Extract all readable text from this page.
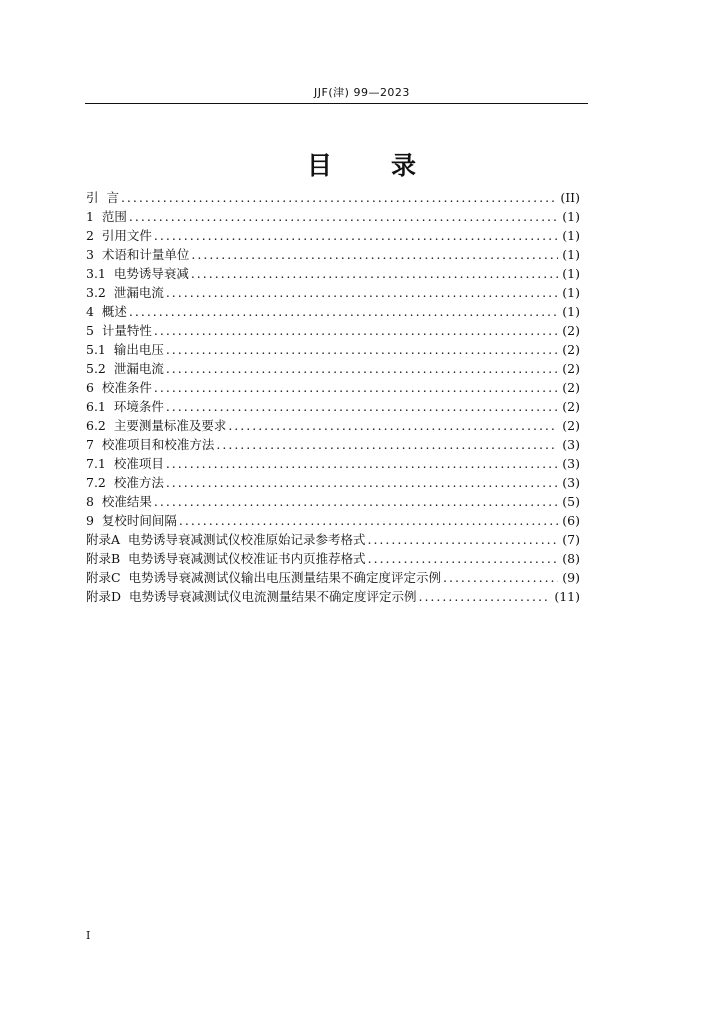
JJF(津) 99—2023
目 录
引  言 .....	(II)
1  范围 .....	(1)
2  引用文件 .....	(1)
3  术语和计量单位 .....	(1)
3.1  电势诱导衰减 .....	(1)
3.2  泄漏电流 .....	(1)
4  概述 .....	(1)
5  计量特性 .....	(2)
5.1  输出电压 .....	(2)
5.2  泄漏电流 .....	(2)
6  校准条件 .....	(2)
6.1  环境条件 .....	(2)
6.2  主要测量标准及要求 .....	(2)
7  校准项目和校准方法 .....	(3)
7.1  校准项目 .....	(3)
7.2  校准方法 .....	(3)
8  校准结果 .....	(5)
9  复校时间间隔 .....	(6)
附录A  电势诱导衰减测试仪校准原始记录参考格式 .....	(7)
附录B  电势诱导衰减测试仪校准证书内页推荐格式 .....	(8)
附录C  电势诱导衰减测试仪输出电压测量结果不确定度评定示例 .....	(9)
附录D  电势诱导衰减测试仪电流测量结果不确定度评定示例 .....	(11)
I
